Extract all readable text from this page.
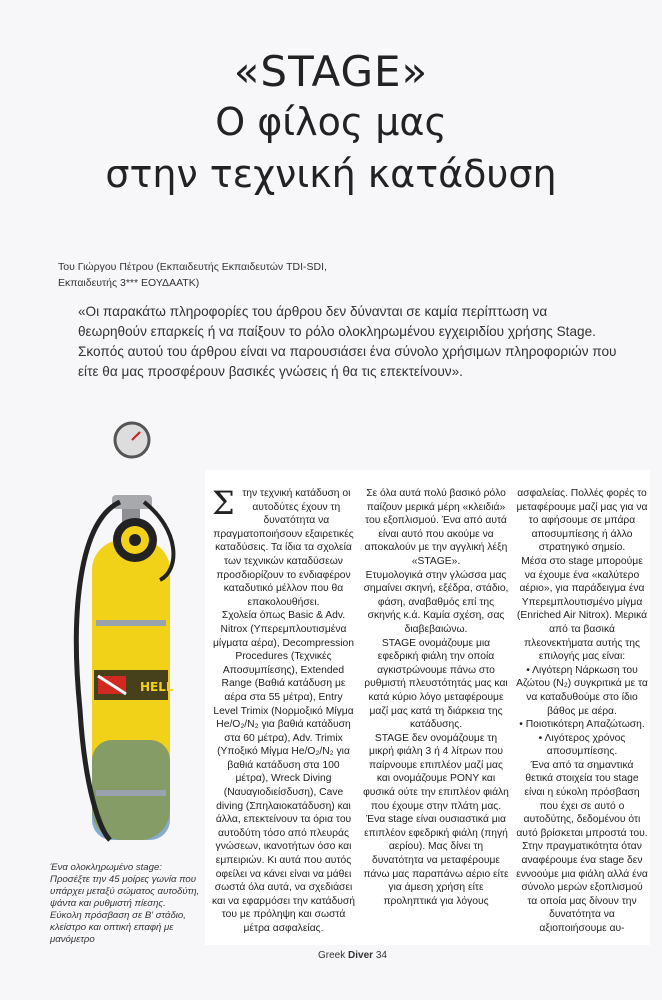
«STAGE»
Ο φίλος μας
στην τεχνική κατάδυση
Του Γιώργου Πέτρου (Εκπαιδευτής Εκπαιδευτών TDI-SDI,
Εκπαιδευτής 3*** ΕΟΥΔΑΑΤΚ)

«Οι παρακάτω πληροφορίες του άρθρου δεν δύνανται σε καμία περίπτωση να θεωρηθούν επαρκείς ή να παίξουν το ρόλο ολοκληρωμένου εγχειριδίου χρήσης Stage.

Σκοπός αυτού του άρθρου είναι να παρουσιάσει ένα σύνολο χρήσιμων πληροφοριών που είτε θα μας προσφέρουν βασικές γνώσεις ή θα τις επεκτείνουν».

HELL

Ένα ολοκληρωμένο stage:

Προσέξτε την 45 μοίρες γωνία που υπάρχει μεταξύ σώματος αυτοδύτη, ψάντα και ρυθμιστή πίεσης. Εύκολη πρόσβαση σε Β' στάδιο, κλείστρο και οπτική επαφή με μανόμετρο

Σ την τεχνική κατάδυση οι αυτοδύτες έχουν τη δυνατότητα να πραγματοποιήσουν εξαιρετικές καταδύσεις. Τα ίδια τα σχολεία των τεχνικών καταδύσεων προσδιορίζουν το ενδιαφέρον καταδυτικό μέλλον που θα επακολουθήσει.

Σχολεία όπως Basic & Adv. Nitrox (Υπερεμπλουτισμένα μίγματα αέρα), Decompression Procedures (Τεχνικές Αποσυμπίεσης), Extended Range (Βαθιά κατάδυση με αέρα στα 55 μέτρα), Entry Level Trimix (Νορμοξικό Μίγμα He/O₂/N₂ για βαθιά κατάδυση στα 60 μέτρα), Adv. Trimix (Υποξικό Μίγμα He/O₂/N₂ για βαθιά κατάδυση στα 100 μέτρα), Wreck Diving (Ναυαγιοδιείσδυση), Cave diving (Σπηλαιοκατάδυση) και άλλα, επεκτείνουν τα όρια του αυτοδύτη τόσο από πλευράς γνώσεων, ικανοτήτων όσο και εμπειριών. Κι αυτά που αυτός οφείλει να κάνει είναι να μάθει σωστά όλα αυτά, να σχεδιάσει και να εφαρμόσει την κατάδυσή του με πρόληψη και σωστά μέτρα ασφαλείας.

Σε όλα αυτά πολύ βασικό ρόλο παίζουν μερικά μέρη «κλειδιά» του εξοπλισμού. Ένα από αυτά είναι αυτό που ακούμε να αποκαλούν με την αγγλική λέξη «STAGE».

Ετυμολογικά στην γλώσσα μας σημαίνει σκηνή, εξέδρα, στάδιο, φάση, αναβαθμός επί της σκηνής κ.ά. Καμία σχέση, σας διαβεβαιώνω.

STAGE ονομάζουμε μια εφεδρική φιάλη την οποία αγκιστρώνουμε πάνω στο ρυθμιστή πλευστότητάς μας και κατά κύριο λόγο μεταφέρουμε μαζί μας κατά τη διάρκεια της κατάδυσης.

STAGE δεν ονομάζουμε τη μικρή φιάλη 3 ή 4 λίτρων που παίρνουμε επιπλέον μαζί μας και ονομάζουμε PONY και φυσικά ούτε την επιπλέον φιάλη που έχουμε στην πλάτη μας.

Ένα stage είναι ουσιαστικά μια επιπλέον εφεδρική φιάλη (πηγή αερίου). Μας δίνει τη δυνατότητα να μεταφέρουμε πάνω μας παραπάνω αέριο είτε για άμεση χρήση είτε προληπτικά για λόγους

ασφαλείας. Πολλές φορές το μεταφέρουμε μαζί μας για να το αφήσουμε σε μπάρα αποσυμπίεσης ή άλλο στρατηγικό σημείο.

Μέσα στο stage μπορούμε να έχουμε ένα «καλύτερο αέριο», για παράδειγμα ένα Υπερεμπλουτισμένο μίγμα (Enriched Air Nitrox). Μερικά από τα βασικά πλεονεκτήματα αυτής της επιλογής μας είναι:

• Λιγότερη Νάρκωση του Αζώτου (N₂) συγκριτικά με τα να καταδυθούμε στο ίδιο βάθος με αέρα.
• Ποιοτικότερη Απαζώτωση.
• Λιγότερος χρόνος αποσυμπίεσης.

Ένα από τα σημαντικά θετικά στοιχεία του stage είναι η εύκολη πρόσβαση που έχει σε αυτό ο αυτοδύτης, δεδομένου ότι αυτό βρίσκεται μπροστά του.

Στην πραγματικότητα όταν αναφέρουμε ένα stage δεν εννοούμε μια φιάλη αλλά ένα σύνολο μερών εξοπλισμού τα οποία μας δίνουν την δυνατότητα να αξιοποιήσουμε αυ-

Greek Diver 34
